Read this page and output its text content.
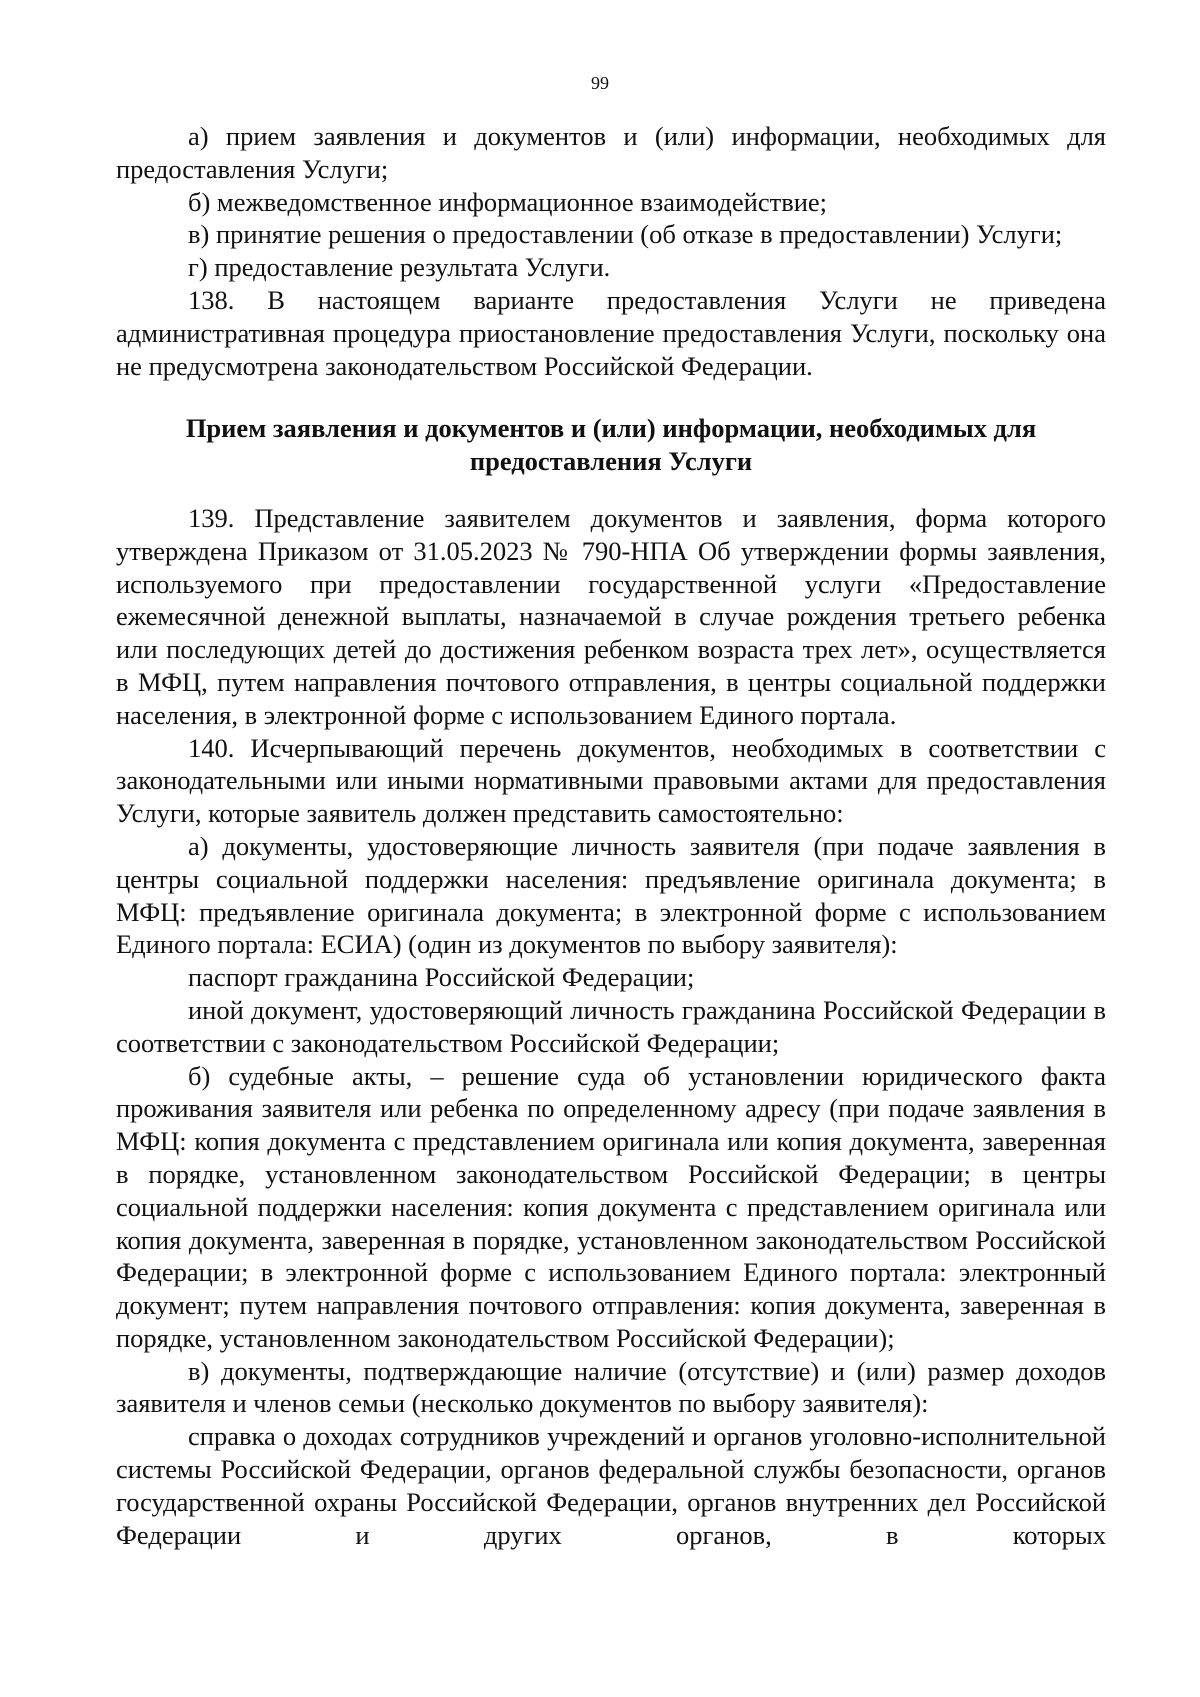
99

а) прием заявления и документов и (или) информации, необходимых для предоставления Услуги;

б) межведомственное информационное взаимодействие;

в) принятие решения о предоставлении (об отказе в предоставлении) Услуги;

г) предоставление результата Услуги.

138. В настоящем варианте предоставления Услуги не приведена административная процедура приостановление предоставления Услуги, поскольку она не предусмотрена законодательством Российской Федерации.

Прием заявления и документов и (или) информации, необходимых для
предоставления Услуги

139. Представление заявителем документов и заявления, форма которого утверждена Приказом от 31.05.2023 № 790-НПА Об утверждении формы заявления, используемого при предоставлении государственной услуги «Предоставление ежемесячной денежной выплаты, назначаемой в случае рождения третьего ребенка или последующих детей до достижения ребенком возраста трех лет», осуществляется в МФЦ, путем направления почтового отправления, в центры социальной поддержки населения, в электронной форме с использованием Единого портала.

140. Исчерпывающий перечень документов, необходимых в соответствии с законодательными или иными нормативными правовыми актами для предоставления Услуги, которые заявитель должен представить самостоятельно:

а) документы, удостоверяющие личность заявителя (при подаче заявления в центры социальной поддержки населения: предъявление оригинала документа; в МФЦ: предъявление оригинала документа; в электронной форме с использованием Единого портала: ЕСИА) (один из документов по выбору заявителя):

паспорт гражданина Российской Федерации;

иной документ, удостоверяющий личность гражданина Российской Федерации в соответствии с законодательством Российской Федерации;

б) судебные акты, – решение суда об установлении юридического факта проживания заявителя или ребенка по определенному адресу (при подаче заявления в МФЦ: копия документа с представлением оригинала или копия документа, заверенная в порядке, установленном законодательством Российской Федерации; в центры социальной поддержки населения: копия документа с представлением оригинала или копия документа, заверенная в порядке, установленном законодательством Российской Федерации; в электронной форме с использованием Единого портала: электронный документ; путем направления почтового отправления: копия документа, заверенная в порядке, установленном законодательством Российской Федерации);

в) документы, подтверждающие наличие (отсутствие) и (или) размер доходов заявителя и членов семьи (несколько документов по выбору заявителя):

справка о доходах сотрудников учреждений и органов уголовно-исполнительной системы Российской Федерации, органов федеральной службы безопасности, органов государственной охраны Российской Федерации, органов внутренних дел Российской Федерации и других органов, в которых
